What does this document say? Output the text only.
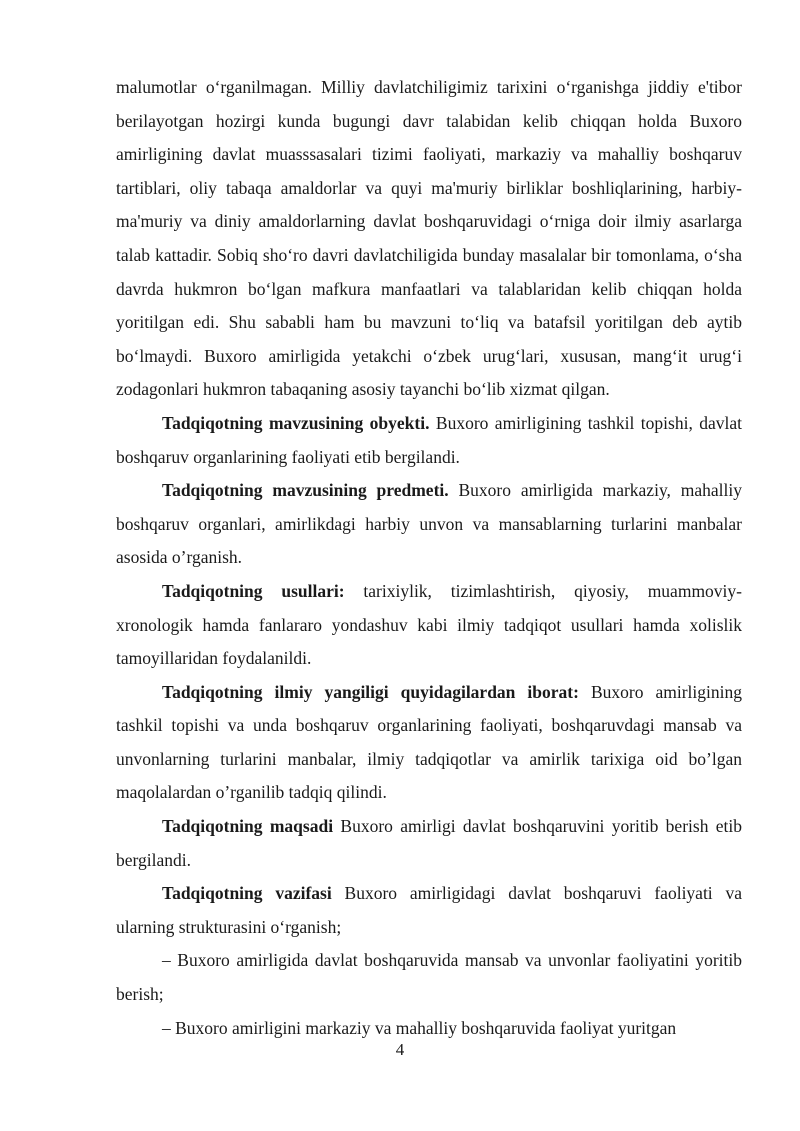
malumotlar o‘rganilmagan. Milliy davlatchiligimiz tarixini o‘rganishga jiddiy e'tibor berilayotgan hozirgi kunda bugungi davr talabidan kelib chiqqan holda Buxoro amirligining davlat muasssasalari tizimi faoliyati, markaziy va mahalliy boshqaruv tartiblari, oliy tabaqa amaldorlar va quyi ma'muriy birliklar boshliqlarining, harbiy-ma'muriy va diniy amaldorlarning davlat boshqaruvidagi o‘rniga doir ilmiy asarlarga talab kattadir. Sobiq sho‘ro davri davlatchiligida bunday masalalar bir tomonlama, o‘sha davrda hukmron bo‘lgan mafkura manfaatlari va talablaridan kelib chiqqan holda yoritilgan edi. Shu sababli ham bu mavzuni to‘liq va batafsil yoritilgan deb aytib bo‘lmaydi. Buxoro amirligida yetakchi o‘zbek urug‘lari, xususan, mang‘it urug‘i zodagonlari hukmron tabaqaning asosiy tayanchi bo‘lib xizmat qilgan.

Tadqiqotning mavzusining obyekti. Buxoro amirligining tashkil topishi, davlat boshqaruv organlarining faoliyati etib bergilandi.

Tadqiqotning mavzusining predmeti. Buxoro amirligida markaziy, mahalliy boshqaruv organlari, amirlikdagi harbiy unvon va mansablarning turlarini manbalar asosida o’rganish.

Tadqiqotning usullari: tarixiylik, tizimlashtirish, qiyosiy, muammoviy-xronologik hamda fanlararo yondashuv kabi ilmiy tadqiqot usullari hamda xolislik tamoyillaridan foydalanildi.

Tadqiqotning ilmiy yangiligi quyidagilardan iborat: Buxoro amirligining tashkil topishi va unda boshqaruv organlarining faoliyati, boshqaruvdagi mansab va unvonlarning turlarini manbalar, ilmiy tadqiqotlar va amirlik tarixiga oid bo’lgan maqolalardan o’rganilib tadqiq qilindi.

Tadqiqotning maqsadi Buxoro amirligi davlat boshqaruvini yoritib berish etib bergilandi.

Tadqiqotning vazifasi Buxoro amirligidagi davlat boshqaruvi faoliyati va ularning strukturasini o‘rganish;

– Buxoro amirligida davlat boshqaruvida mansab va unvonlar faoliyatini yoritib berish;

– Buxoro amirligini markaziy va mahalliy boshqaruvida faoliyat yuritgan

4
